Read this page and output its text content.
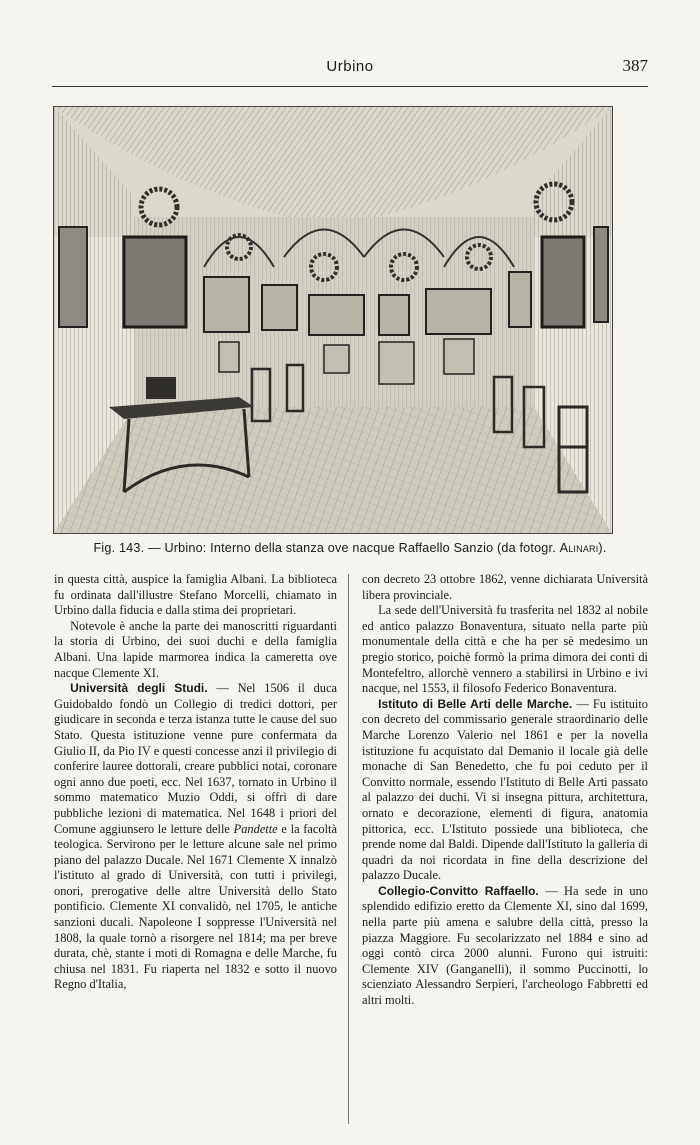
Urbino	387
Fig. 143. — Urbino: Interno della stanza ove nacque Raffaello Sanzio (da fotogr. Alinari).

in questa città, auspice la famiglia Albani. La biblioteca fu ordinata dall'illustre Stefano Morcelli, chiamato in Urbino dalla fiducia e dalla stima dei proprietari.

Notevole è anche la parte dei manoscritti riguardanti la storia di Urbino, dei suoi duchi e della famiglia Albani. Una lapide marmorea indica la cameretta ove nacque Clemente XI.

Università degli Studi. — Nel 1506 il duca Guidobaldo fondò un Collegio di tredici dottori, per giudicare in seconda e terza istanza tutte le cause del suo Stato. Questa istituzione venne pure confermata da Giulio II, da Pio IV e questi concesse anzi il privilegio di conferire lauree dottorali, creare pubblici notai, coronare ogni anno due poeti, ecc. Nel 1637, tornato in Urbino il sommo matematico Muzio Oddi, si offrì di dare pubbliche lezioni di matematica. Nel 1648 i priori del Comune aggiunsero le letture delle Pandette e la facoltà teologica. Servirono per le letture alcune sale nel primo piano del palazzo Ducale. Nel 1671 Clemente X innalzò l'istituto al grado di Università, con tutti i privilegi, onori, prerogative delle altre Università dello Stato pontificio. Clemente XI convalidò, nel 1705, le antiche sanzioni ducali. Napoleone I soppresse l'Università nel 1808, la quale tornò a risorgere nel 1814; ma per breve durata, chè, stante i moti di Romagna e delle Marche, fu chiusa nel 1831. Fu riaperta nel 1832 e sotto il nuovo Regno d'Italia,

con decreto 23 ottobre 1862, venne dichiarata Università libera provinciale.

La sede dell'Università fu trasferita nel 1832 al nobile ed antico palazzo Bonaventura, situato nella parte più monumentale della città e che ha per sè medesimo un pregio storico, poichè formò la prima dimora dei conti di Montefeltro, allorchè vennero a stabilirsi in Urbino e ivi nacque, nel 1553, il filosofo Federico Bonaventura.

Istituto di Belle Arti delle Marche. — Fu istituito con decreto del commissario generale straordinario delle Marche Lorenzo Valerio nel 1861 e per la novella istituzione fu acquistato dal Demanio il locale già delle monache di San Benedetto, che fu poi ceduto per il Convitto normale, essendo l'Istituto di Belle Arti passato al palazzo dei duchi. Vi si insegna pittura, architettura, ornato e decorazione, elementi di figura, anatomia pittorica, ecc. L'Istituto possiede una biblioteca, che prende nome dal Baldi. Dipende dall'Istituto la galleria di quadri da noi ricordata in fine della descrizione del palazzo Ducale.

Collegio-Convitto Raffaello. — Ha sede in uno splendido edifizio eretto da Clemente XI, sino dal 1699, nella parte più amena e salubre della città, presso la piazza Maggiore. Fu secolarizzato nel 1884 e sino ad oggi contò circa 2000 alunni. Furono qui istruiti: Clemente XIV (Ganganelli), il sommo Puccinotti, lo scienziato Alessandro Serpieri, l'archeologo Fabbretti ed altri molti.
